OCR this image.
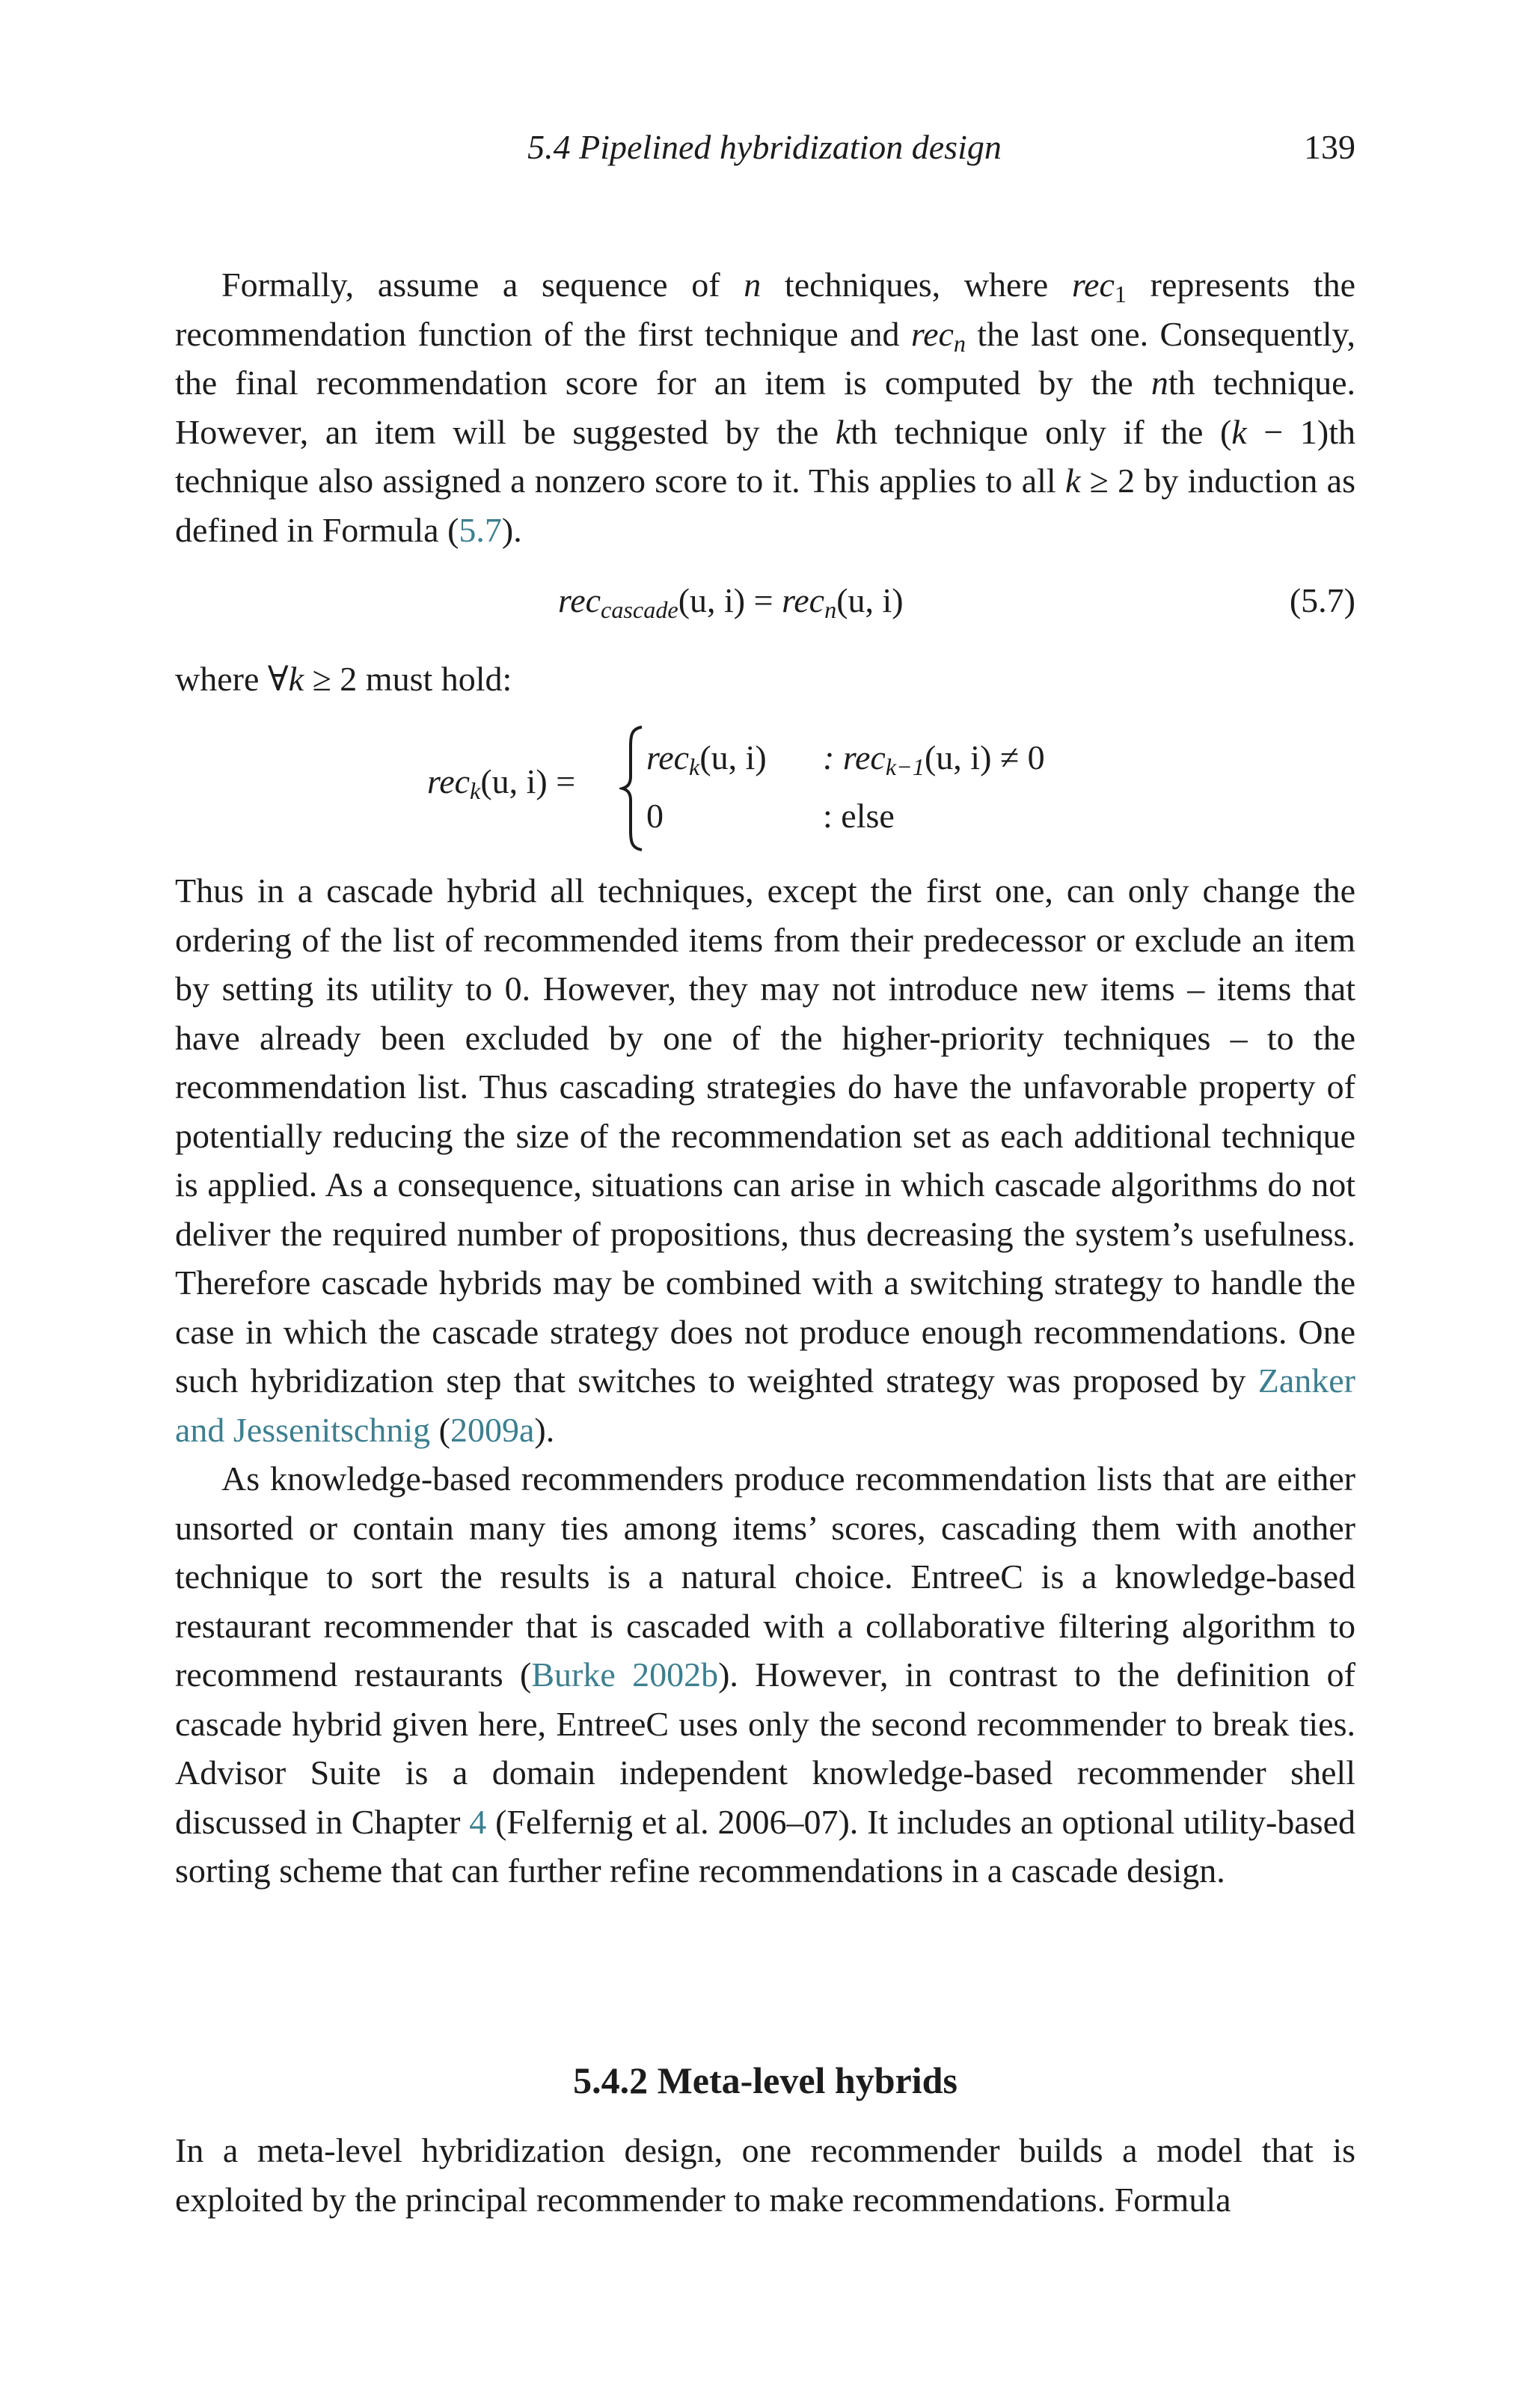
5.4 Pipelined hybridization design	139

Formally, assume a sequence of n techniques, where rec$_1$ represents the recommendation function of the first technique and rec$_n$ the last one. Consequently, the final recommendation score for an item is computed by the nth technique. However, an item will be suggested by the kth technique only if the (k − 1)th technique also assigned a nonzero score to it. This applies to all k ≥ 2 by induction as defined in Formula (5.7).

rec$_{cascade}$(u, i) = rec$_n$(u, i)	(5.7)

where ∀k ≥ 2 must hold:

rec$_k$(u, i) =
rec$_k$(u, i) : rec$_{k-1}$(u, i) ≠ 0
0	: else

Thus in a cascade hybrid all techniques, except the first one, can only change the ordering of the list of recommended items from their predecessor or exclude an item by setting its utility to 0. However, they may not introduce new items – items that have already been excluded by one of the higher-priority techniques – to the recommendation list. Thus cascading strategies do have the unfavorable property of potentially reducing the size of the recommendation set as each additional technique is applied. As a consequence, situations can arise in which cascade algorithms do not deliver the required number of propositions, thus decreasing the system’s usefulness. Therefore cascade hybrids may be combined with a switching strategy to handle the case in which the cascade strategy does not produce enough recommendations. One such hybridization step that switches to weighted strategy was proposed by Zanker and Jessenitschnig (2009a).

As knowledge-based recommenders produce recommendation lists that are either unsorted or contain many ties among items’ scores, cascading them with another technique to sort the results is a natural choice. EntreeC is a knowledge-based restaurant recommender that is cascaded with a collaborative filtering algorithm to recommend restaurants (Burke 2002b). However, in contrast to the definition of cascade hybrid given here, EntreeC uses only the second recommender to break ties. Advisor Suite is a domain independent knowledge-based recommender shell discussed in Chapter 4 (Felfernig et al. 2006–07). It includes an optional utility-based sorting scheme that can further refine recommendations in a cascade design.

5.4.2 Meta-level hybrids

In a meta-level hybridization design, one recommender builds a model that is exploited by the principal recommender to make recommendations. Formula
